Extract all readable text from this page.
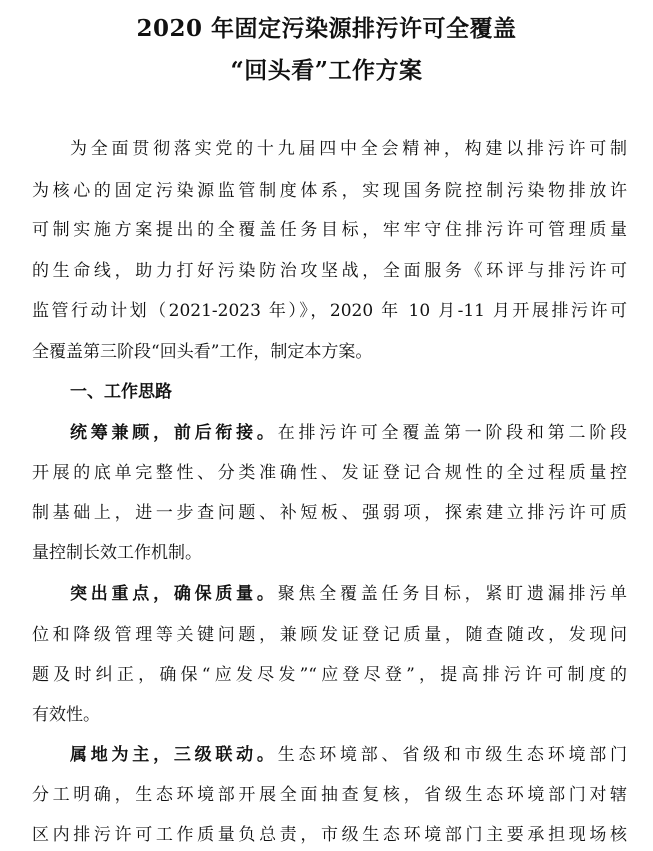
2020 年固定污染源排污许可全覆盖
“回头看”工作方案
为全面贯彻落实党的十九届四中全会精神，构建以排污许可制
为核心的固定污染源监管制度体系，实现国务院控制污染物排放许
可制实施方案提出的全覆盖任务目标，牢牢守住排污许可管理质量
的生命线，助力打好污染防治攻坚战，全面服务《环评与排污许可
监管行动计划（2021-2023 年）》，2020 年 10 月-11 月开展排污许可
全覆盖第三阶段“回头看”工作，制定本方案。
一、工作思路
统筹兼顾，前后衔接。在排污许可全覆盖第一阶段和第二阶段
开展的底单完整性、分类准确性、发证登记合规性的全过程质量控
制基础上，进一步查问题、补短板、强弱项，探索建立排污许可质
量控制长效工作机制。
突出重点，确保质量。聚焦全覆盖任务目标，紧盯遗漏排污单
位和降级管理等关键问题，兼顾发证登记质量，随查随改，发现问
题及时纠正，确保“应发尽发”“应登尽登”，提高排污许可制度的
有效性。
属地为主，三级联动。生态环境部、省级和市级生态环境部门
分工明确，生态环境部开展全面抽查复核，省级生态环境部门对辖
区内排污许可工作质量负总责，市级生态环境部门主要承担现场核
